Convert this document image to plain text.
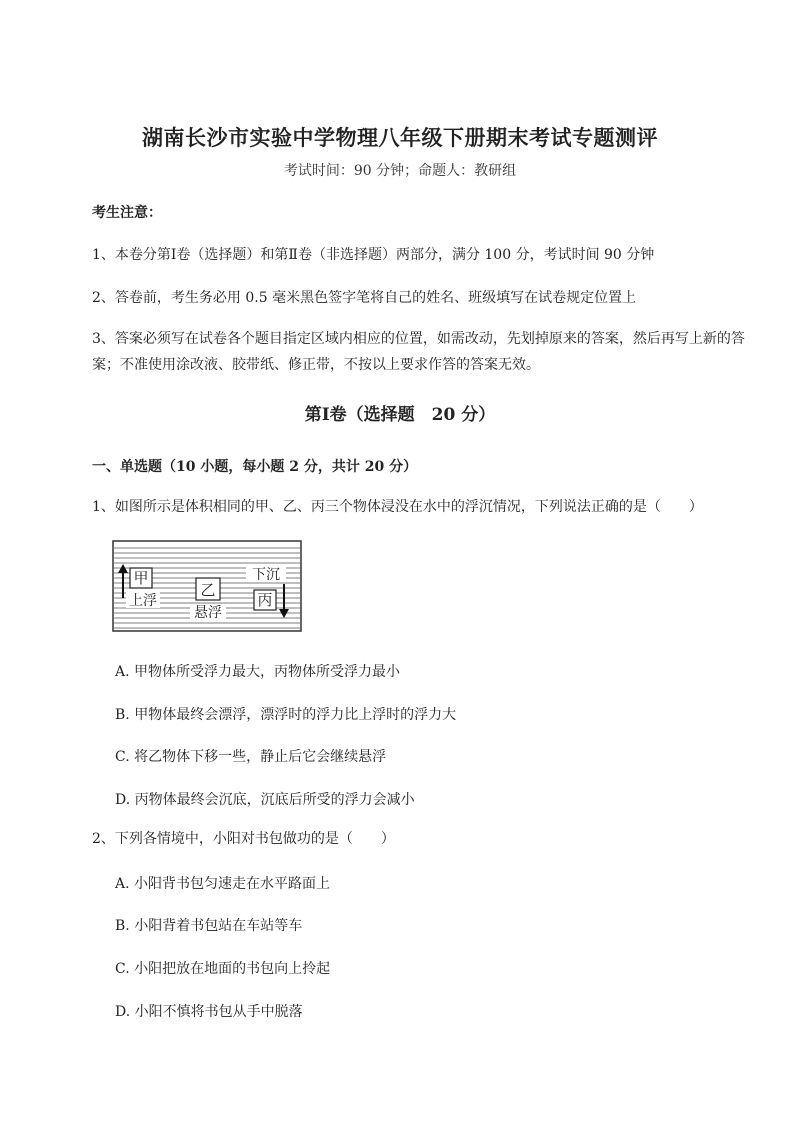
湖南长沙市实验中学物理八年级下册期末考试专题测评
考试时间：90 分钟；命题人：教研组
考生注意：
1、本卷分第Ⅰ卷（选择题）和第Ⅱ卷（非选择题）两部分，满分 100 分，考试时间 90 分钟
2、答卷前，考生务必用 0.5 毫米黑色签字笔将自己的姓名、班级填写在试卷规定位置上
3、答案必须写在试卷各个题目指定区域内相应的位置，如需改动，先划掉原来的答案，然后再写上新的答案；不准使用涂改液、胶带纸、修正带，不按以上要求作答的答案无效。
第Ⅰ卷（选择题　20 分）
一、单选题（10 小题，每小题 2 分，共计 20 分）
1、如图所示是体积相同的甲、乙、丙三个物体浸没在水中的浮沉情况，下列说法正确的是（　　）
甲
上浮
乙
悬浮
下沉
丙
A. 甲物体所受浮力最大，丙物体所受浮力最小
B. 甲物体最终会漂浮，漂浮时的浮力比上浮时的浮力大
C. 将乙物体下移一些，静止后它会继续悬浮
D. 丙物体最终会沉底，沉底后所受的浮力会减小
2、下列各情境中，小阳对书包做功的是（　　）
A. 小阳背书包匀速走在水平路面上
B. 小阳背着书包站在车站等车
C. 小阳把放在地面的书包向上拎起
D. 小阳不慎将书包从手中脱落
